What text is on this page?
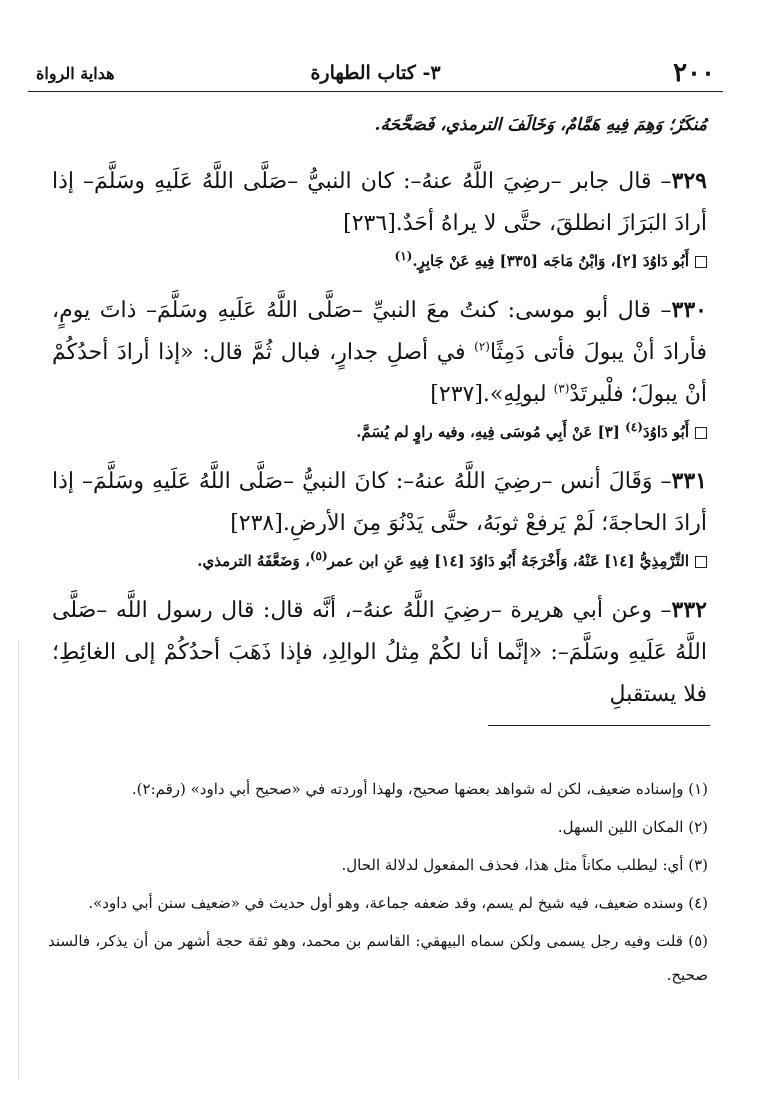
٢٠٠
٣- كتاب الطهارة
هداية الرواة

مُنكَرٌ؛ وَهِمَ فِيهِ هَمَّامٌ، وَخَالَفَ الترمذي، فَصَحَّحَهُ.

٣٢٩– قال جابر –رضِيَ اللَّهُ عنهُ–: كان النبيُّ –صَلَّى اللَّهُ عَلَيهِ وسَلَّمَ– إذا أرادَ البَرَازَ انطلقَ، حتَّى لا يراهُ أحَدٌ.[٢٣٦]

أَبُو دَاوُدَ [٢]، وَابْنُ مَاجَه [٣٣٥] فِيهِ عَنْ جَابِرٍ.$^{(١)}$

٣٣٠– قال أبو موسى: كنتُ معَ النبيِّ –صَلَّى اللَّهُ عَلَيهِ وسَلَّمَ– ذاتَ يومٍ، فأرادَ أنْ يبولَ فأتى دَمِثًا$^{(٢)}$ في أصلِ جدارٍ، فبال ثُمَّ قال: «إذا أرادَ أحدُكُمْ أنْ يبولَ؛ فلْيرتَدْ$^{(٣)}$ لبولِهِ».[٢٣٧]

أَبُو دَاوُدَ$^{(٤)}$ [٣] عَنْ أَبِي مُوسَى فِيهِ، وفيه راوٍ لم يُسَمَّ.

٣٣١– وَقَالَ أنس –رضِيَ اللَّهُ عنهُ–: كانَ النبيُّ –صَلَّى اللَّهُ عَلَيهِ وسَلَّمَ– إذا أرادَ الحاجةَ؛ لَمْ يَرفعْ ثوبَهُ، حتَّى يَدْنُوَ مِنَ الأرضِ.[٢٣٨]

التِّرْمِذِيُّ [١٤] عَنْهُ، وَأَخْرَجَهُ أَبُو دَاوُدَ [١٤] فِيهِ عَنِ ابن عمر$^{(٥)}$، وَضَعَّفَهُ الترمذي.

٣٣٢– وعن أبي هريرة –رضِيَ اللَّهُ عنهُ–، أنَّه قال: قال رسول اللَّه –صَلَّى اللَّهُ عَلَيهِ وسَلَّمَ–: «إنَّما أنا لكُمْ مِثلُ الوالِدِ، فإذا ذَهَبَ أحدُكُمْ إلى الغائِطِ؛ فلا يستقبلِ

(١) وإسناده ضعيف، لكن له شواهد بعضها صحيح، ولهذا أوردته في «صحيح أبي داود» (رقم:٢).

(٢) المكان اللين السهل.

(٣) أي: ليطلب مكاناً مثل هذا، فحذف المفعول لدلالة الحال.

(٤) وسنده ضعيف، فيه شيخ لم يسم، وقد ضعفه جماعة، وهو أول حديث في «ضعيف سنن أبي داود».

(٥) قلت وفيه رجل يسمى ولكن سماه البيهقي: القاسم بن محمد، وهو ثقة حجة أشهر من أن يذكر، فالسند صحيح.
